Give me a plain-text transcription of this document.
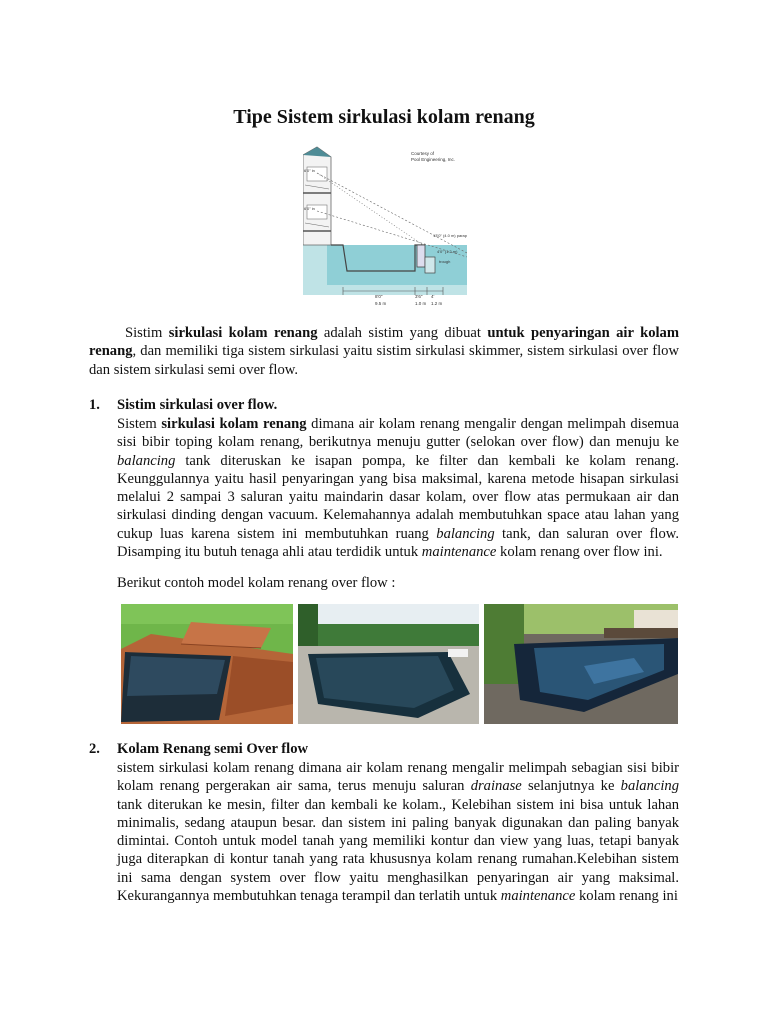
Tipe Sistem sirkulasi kolam renang
Courtesy of
Pool Engineering, Inc.
6'0" in
6'0" in
13'0" (4.0 m) parapet
4'0" (1.2 m)
trough
8'0"	3'6" 4'
9.5 m	1.0 m 1.2 m
Sistim sirkulasi kolam renang adalah sistim yang dibuat untuk penyaringan air kolam renang, dan memiliki tiga sistem sirkulasi yaitu sistim sirkulasi skimmer, sistem sirkulasi over flow dan sistem sirkulasi semi over flow.
1. Sistim sirkulasi over flow.
Sistem sirkulasi kolam renang dimana air kolam renang mengalir dengan melimpah disemua sisi bibir toping kolam renang, berikutnya menuju gutter (selokan over flow) dan menuju ke balancing tank diteruskan ke isapan pompa, ke filter dan kembali ke kolam renang. Keunggulannya yaitu hasil penyaringan yang bisa maksimal, karena metode hisapan sirkulasi melalui 2 sampai 3 saluran yaitu maindarin dasar kolam, over flow atas permukaan air dan sirkulasi dinding dengan vacuum. Kelemahannya adalah membutuhkan space atau lahan yang cukup luas karena sistem ini membutuhkan ruang balancing tank, dan saluran over flow. Disamping itu butuh tenaga ahli atau terdidik untuk maintenance kolam renang over flow ini.
Berikut contoh model kolam renang over flow :
2. Kolam Renang semi Over flow
sistem sirkulasi kolam renang dimana air kolam renang mengalir melimpah sebagian sisi bibir kolam renang pergerakan air sama, terus menuju saluran drainase selanjutnya ke balancing tank diterukan ke mesin, filter dan kembali ke kolam., Kelebihan sistem ini bisa untuk lahan minimalis, sedang ataupun besar. dan sistem ini paling banyak digunakan dan paling banyak dimintai. Contoh untuk model tanah yang memiliki kontur dan view yang luas, tetapi banyak juga diterapkan di kontur tanah yang rata khususnya kolam renang rumahan.Kelebihan sistem ini sama dengan system over flow yaitu menghasilkan penyaringan air yang maksimal. Kekurangannya membutuhkan tenaga terampil dan terlatih untuk maintenance kolam renang ini
